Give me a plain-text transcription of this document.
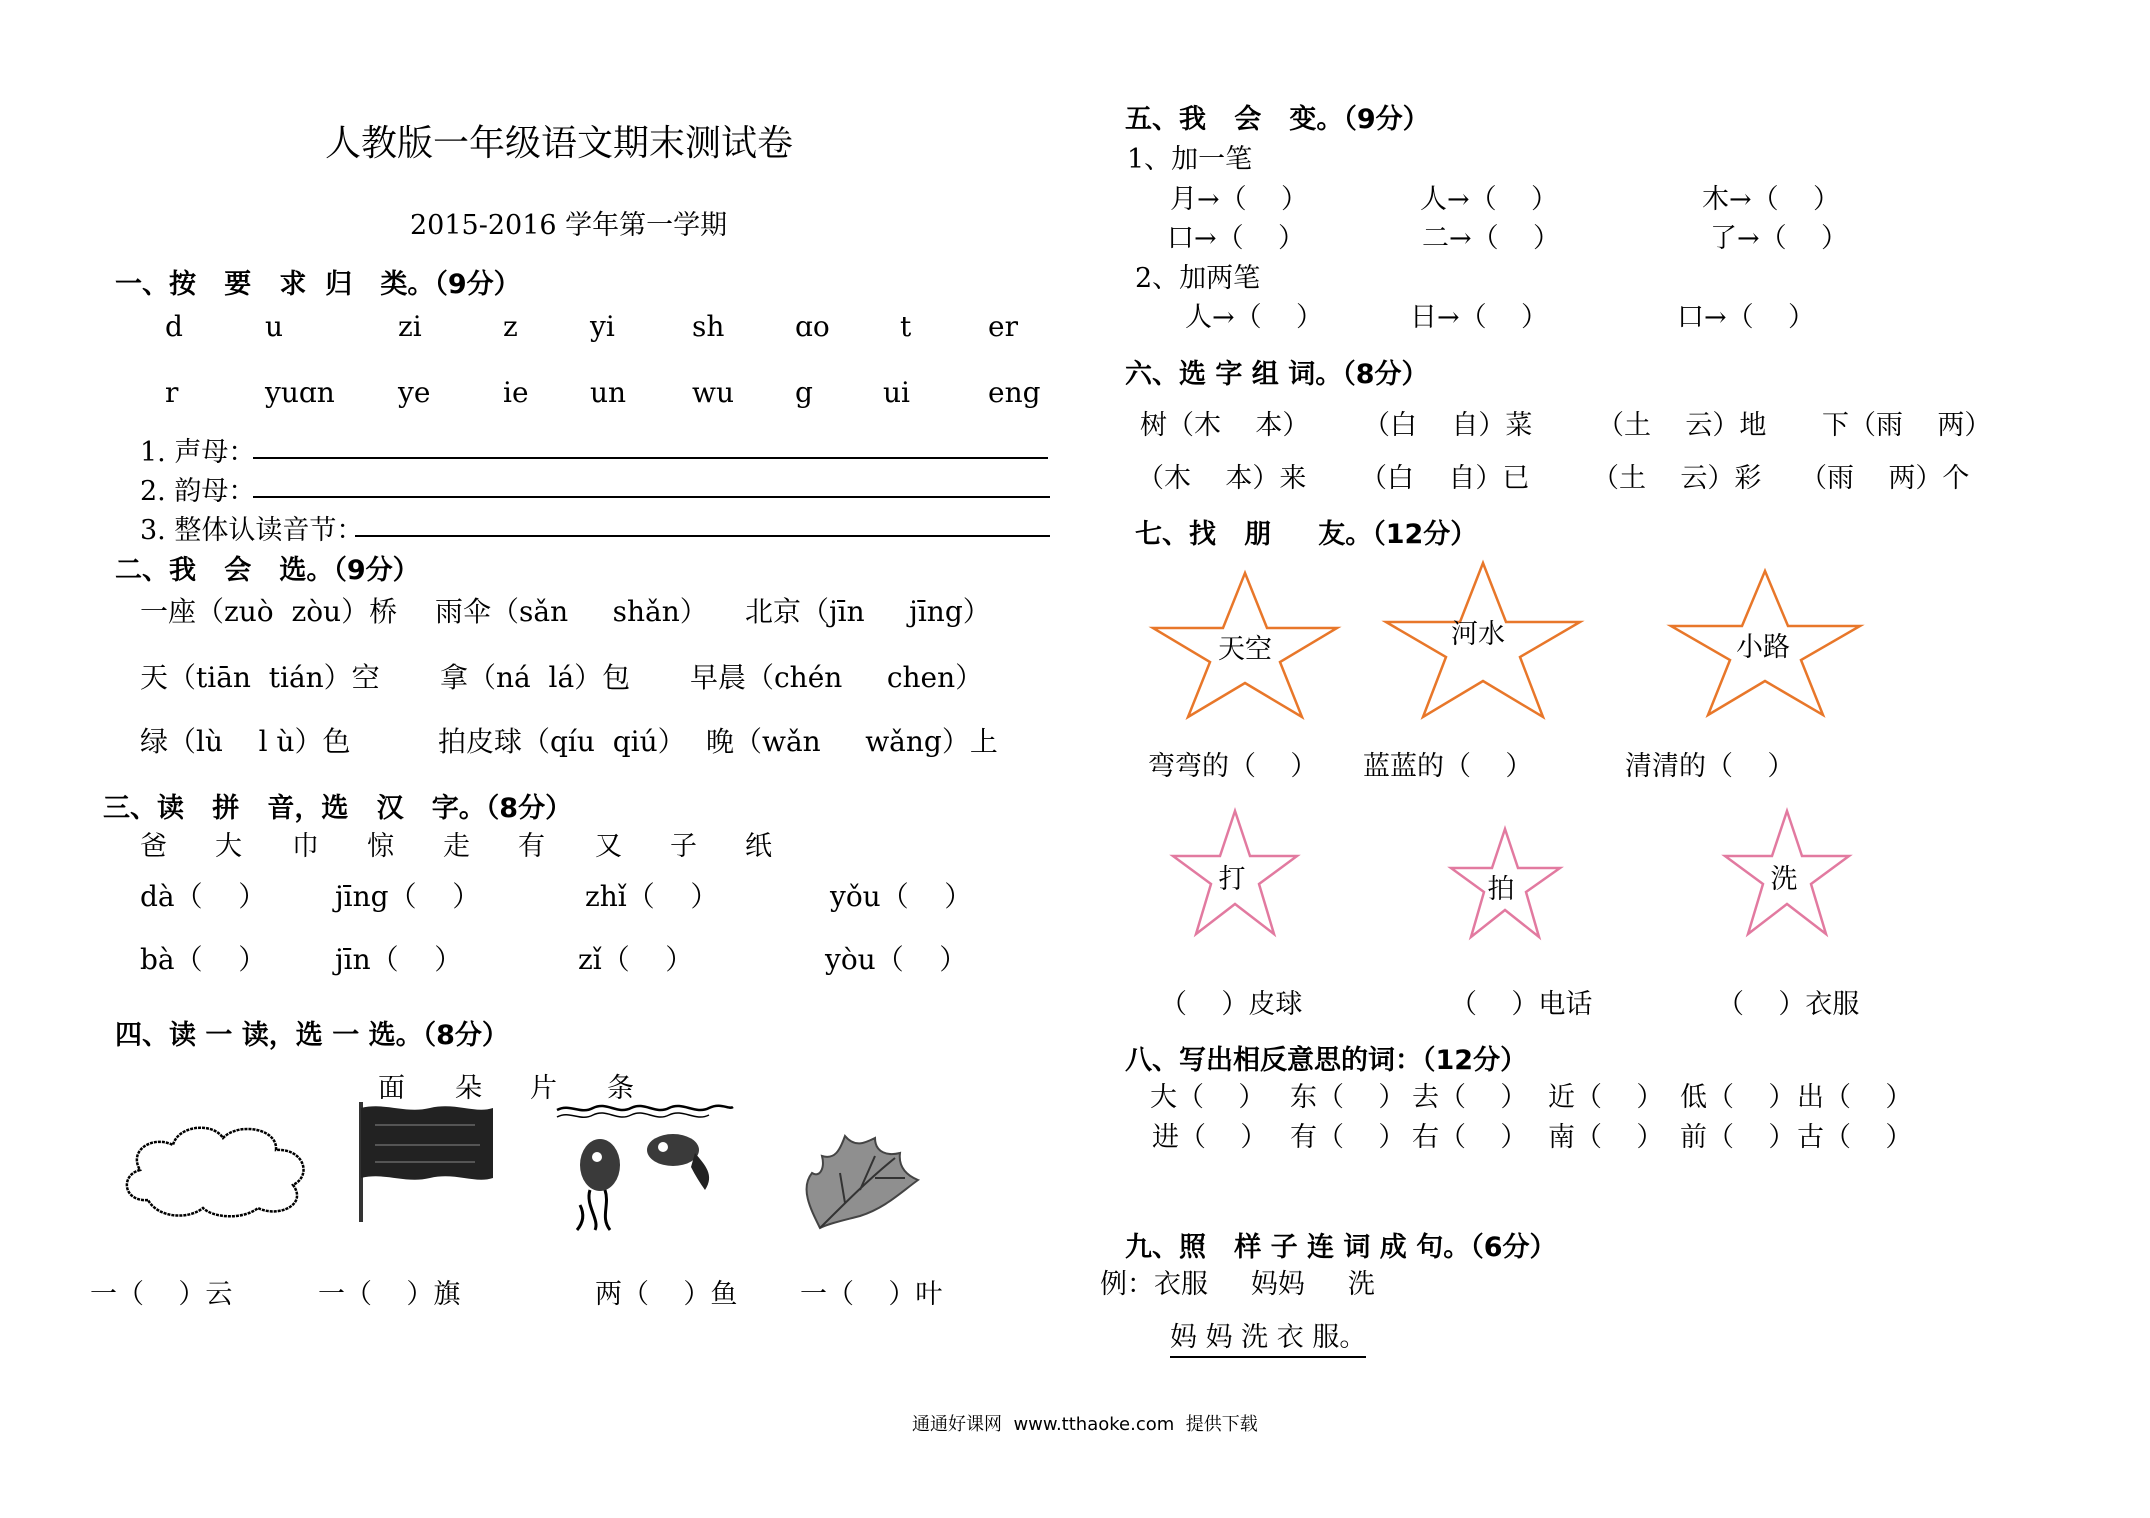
人教版一年级语文期末测试卷
2015-2016 学年第一学期
一、按   要   求  归   类。（9分）
d	u	zi	z	yi	sh	ɑo	t	er
r	yuɑn ye	ie un wu g	ui	eng
1. 声母：
2. 韵母：
3. 整体认读音节：
二、我   会   选。（9分）
一座（zuò  zòu）桥 雨伞（sǎn     shǎn） 北京（jīn     jīng）
天（tiān  tián）空 拿（ná  lá）包 早晨（chén     chen）
绿（lù    l ù）色	拍皮球（qíu  qiú） 晚（wǎn     wǎng）上
三、读   拼   音，选   汉   字。（8分）
爸 大 巾 惊 走 有 又 子 纸
dà（    ） jīng（    ）	zhǐ（    ）	yǒu（    ）
bà（    ） jīn（    ）	zǐ（    ）	yòu（    ）
四、读 一 读，选 一 选。（8分）
面 朵 片 条
一（    ）云	一（    ）旗	两（    ）鱼 一（    ）叶
五、我   会   变。（9分）
1、加一笔
月→（    ）	人→（    ）	木→（    ）
口→（    ）	二→（    ）	了→（    ）
2、加两笔
人→（    ）	日→（    ）	口→（    ）
六、选 字 组 词。（8分）
树（木    本） （白    自）菜 （土    云）地 下（雨    两）
（木    本）来 （白    自）已 （土    云）彩 （雨    两）个
七、找   朋     友。（12分）
天空	河水	小路
弯弯的（    ） 蓝蓝的（    ）	清清的（    ）
打	拍	洗
（    ）皮球	（    ）电话	（    ）衣服
八、写出相反意思的词：（12分）
大（    ） 东（    ） 去（    ） 近（    ） 低（    ） 出（    ）
进（    ） 有（    ） 右（    ） 南（    ） 前（    ） 古（    ）
九、照   样 子 连 词 成 句。（6分）
例：衣服     妈妈     洗
妈 妈 洗 衣 服。
通通好课网  www.tthaoke.com  提供下载
